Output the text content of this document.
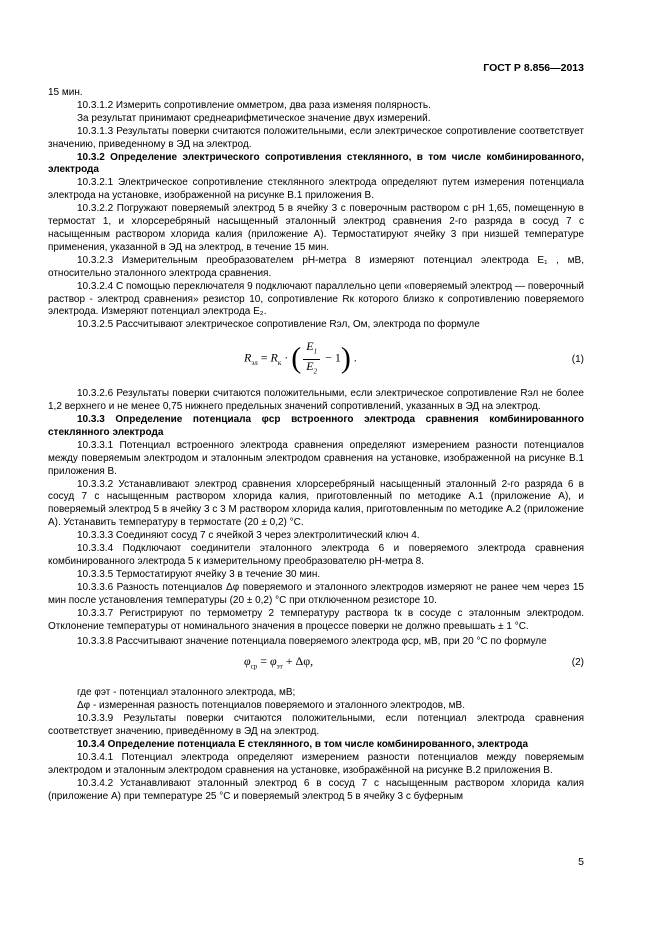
ГОСТ Р 8.856—2013

15 мин.

10.3.1.2 Измерить сопротивление омметром, два раза изменяя полярность.

За результат принимают среднеарифметическое значение двух измерений.

10.3.1.3 Результаты поверки считаются положительными, если электрическое сопротивление соответствует значению, приведенному в ЭД на электрод.

10.3.2 Определение электрического сопротивления стеклянного, в том числе комбинированного, электрода

10.3.2.1 Электрическое сопротивление стеклянного электрода определяют путем измерения потенциала электрода на установке, изображенной на рисунке В.1 приложения В.

10.3.2.2 Погружают поверяемый электрод 5 в ячейку 3 с поверочным раствором с pH 1,65, помещенную в термостат 1, и хлорсеребряный насыщенный эталонный электрод сравнения 2-го разряда в сосуд 7 с насыщенным раствором хлорида калия (приложение А). Термостатируют ячейку 3 при низшей температуре применения, указанной в ЭД на электрод, в течение 15 мин.

10.3.2.3 Измерительным преобразователем pH-метра 8 измеряют потенциал электрода E₁ , мВ, относительно эталонного электрода сравнения.

10.3.2.4 С помощью переключателя 9 подключают параллельно цепи «поверяемый электрод — поверочный раствор - электрод сравнения» резистор 10, сопротивление Rк которого близко к сопротивлению поверяемого электрода. Измеряют потенциал электрода E₂.

10.3.2.5 Рассчитывают электрическое сопротивление Rэл, Ом, электрода по формуле

$R_{эл} = R_к$ · ( $\frac{E_1}{E_2} - 1$) .	(1)

10.3.2.6 Результаты поверки считаются положительными, если электрическое сопротивление Rэл не более 1,2 верхнего и не менее 0,75 нижнего предельных значений сопротивлений, указанных в ЭД на электрод.

10.3.3 Определение потенциала φср встроенного электрода сравнения комбинированного стеклянного электрода

10.3.3.1 Потенциал встроенного электрода сравнения определяют измерением разности потенциалов между поверяемым электродом и эталонным электродом сравнения на установке, изображенной на рисунке В.1 приложения В.

10.3.3.2 Устанавливают электрод сравнения хлорсеребряный насыщенный эталонный 2-го разряда 6 в сосуд 7 с насыщенным раствором хлорида калия, приготовленный по методике А.1 (приложение А), и поверяемый электрод 5 в ячейку 3 с 3 М раствором хлорида калия, приготовленным по методике А.2 (приложение А). Устанавить температуру в термостате (20 ± 0,2) °С.

10.3.3.3 Соединяют сосуд 7 с ячейкой 3 через электролитический ключ 4.

10.3.3.4 Подключают соединители эталонного электрода 6 и поверяемого электрода сравнения комбинированного электрода 5 к измерительному преобразователю pH-метра 8.

10.3.3.5 Термостатируют ячейку 3 в течение 30 мин.

10.3.3.6 Разность потенциалов Δφ поверяемого и эталонного электродов измеряют не ранее чем через 15 мин после установления температуры (20 ± 0,2) °С при отключенном резисторе 10.

10.3.3.7 Регистрируют по термометру 2 температуру раствора tк в сосуде с эталонным электродом. Отклонение температуры от номинального значения в процессе поверки не должно превышать ± 1 °С.

10.3.3.8 Рассчитывают значение потенциала поверяемого электрода φср, мВ, при 20 °С по формуле

$\varphi_{ср} = \varphi_{эт} + \Delta\varphi$,	(2)

где φэт - потенциал эталонного электрода, мВ;

Δφ - измеренная разность потенциалов поверяемого и эталонного электродов, мВ.

10.3.3.9 Результаты поверки считаются положительными, если потенциал электрода сравнения соответствует значению, приведённому в ЭД на электрод.

10.3.4 Определение потенциала E стеклянного, в том числе комбинированного, электрода

10.3.4.1 Потенциал электрода определяют измерением разности потенциалов между поверяемым электродом и эталонным электродом сравнения на установке, изображённой на рисунке В.2 приложения В.

10.3.4.2 Устанавливают эталонный электрод 6 в сосуд 7 с насыщенным раствором хлорида калия (приложение А) при температуре 25 °С и поверяемый электрод 5 в ячейку 3 с буферным

5
